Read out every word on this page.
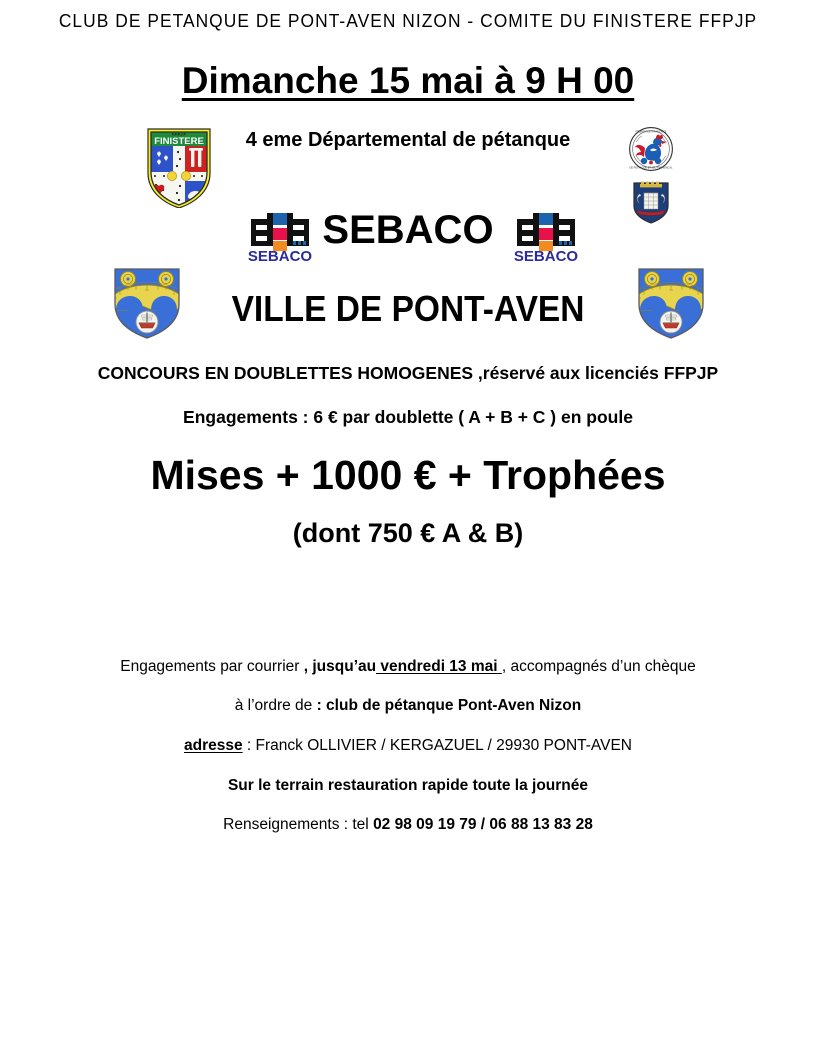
CLUB DE PETANQUE DE PONT-AVEN NIZON - COMITE DU FINISTERE FFPJP
Dimanche 15 mai à 9 H 00
4 eme Départemental de pétanque
FINISTERE
F.F.P.J.P
FEDERATION FRANCAISE
DE PETANQUE ET JEU PROVENCAL
SEBACO
SEBACO
SEBACO
VILLE DE PONT-AVEN
CONCOURS EN DOUBLETTES HOMOGENES ,réservé aux licenciés FFPJP
Engagements : 6 € par doublette ( A + B + C ) en poule
Mises + 1000 € + Trophées
(dont 750 € A & B)
Engagements par courrier , jusqu’au vendredi 13 mai , accompagnés d’un chèque
à l’ordre de : club de pétanque Pont-Aven Nizon
adresse : Franck OLLIVIER / KERGAZUEL / 29930 PONT-AVEN
Sur le terrain restauration rapide toute la journée
Renseignements : tel 02 98 09 19 79 / 06 88 13 83 28
